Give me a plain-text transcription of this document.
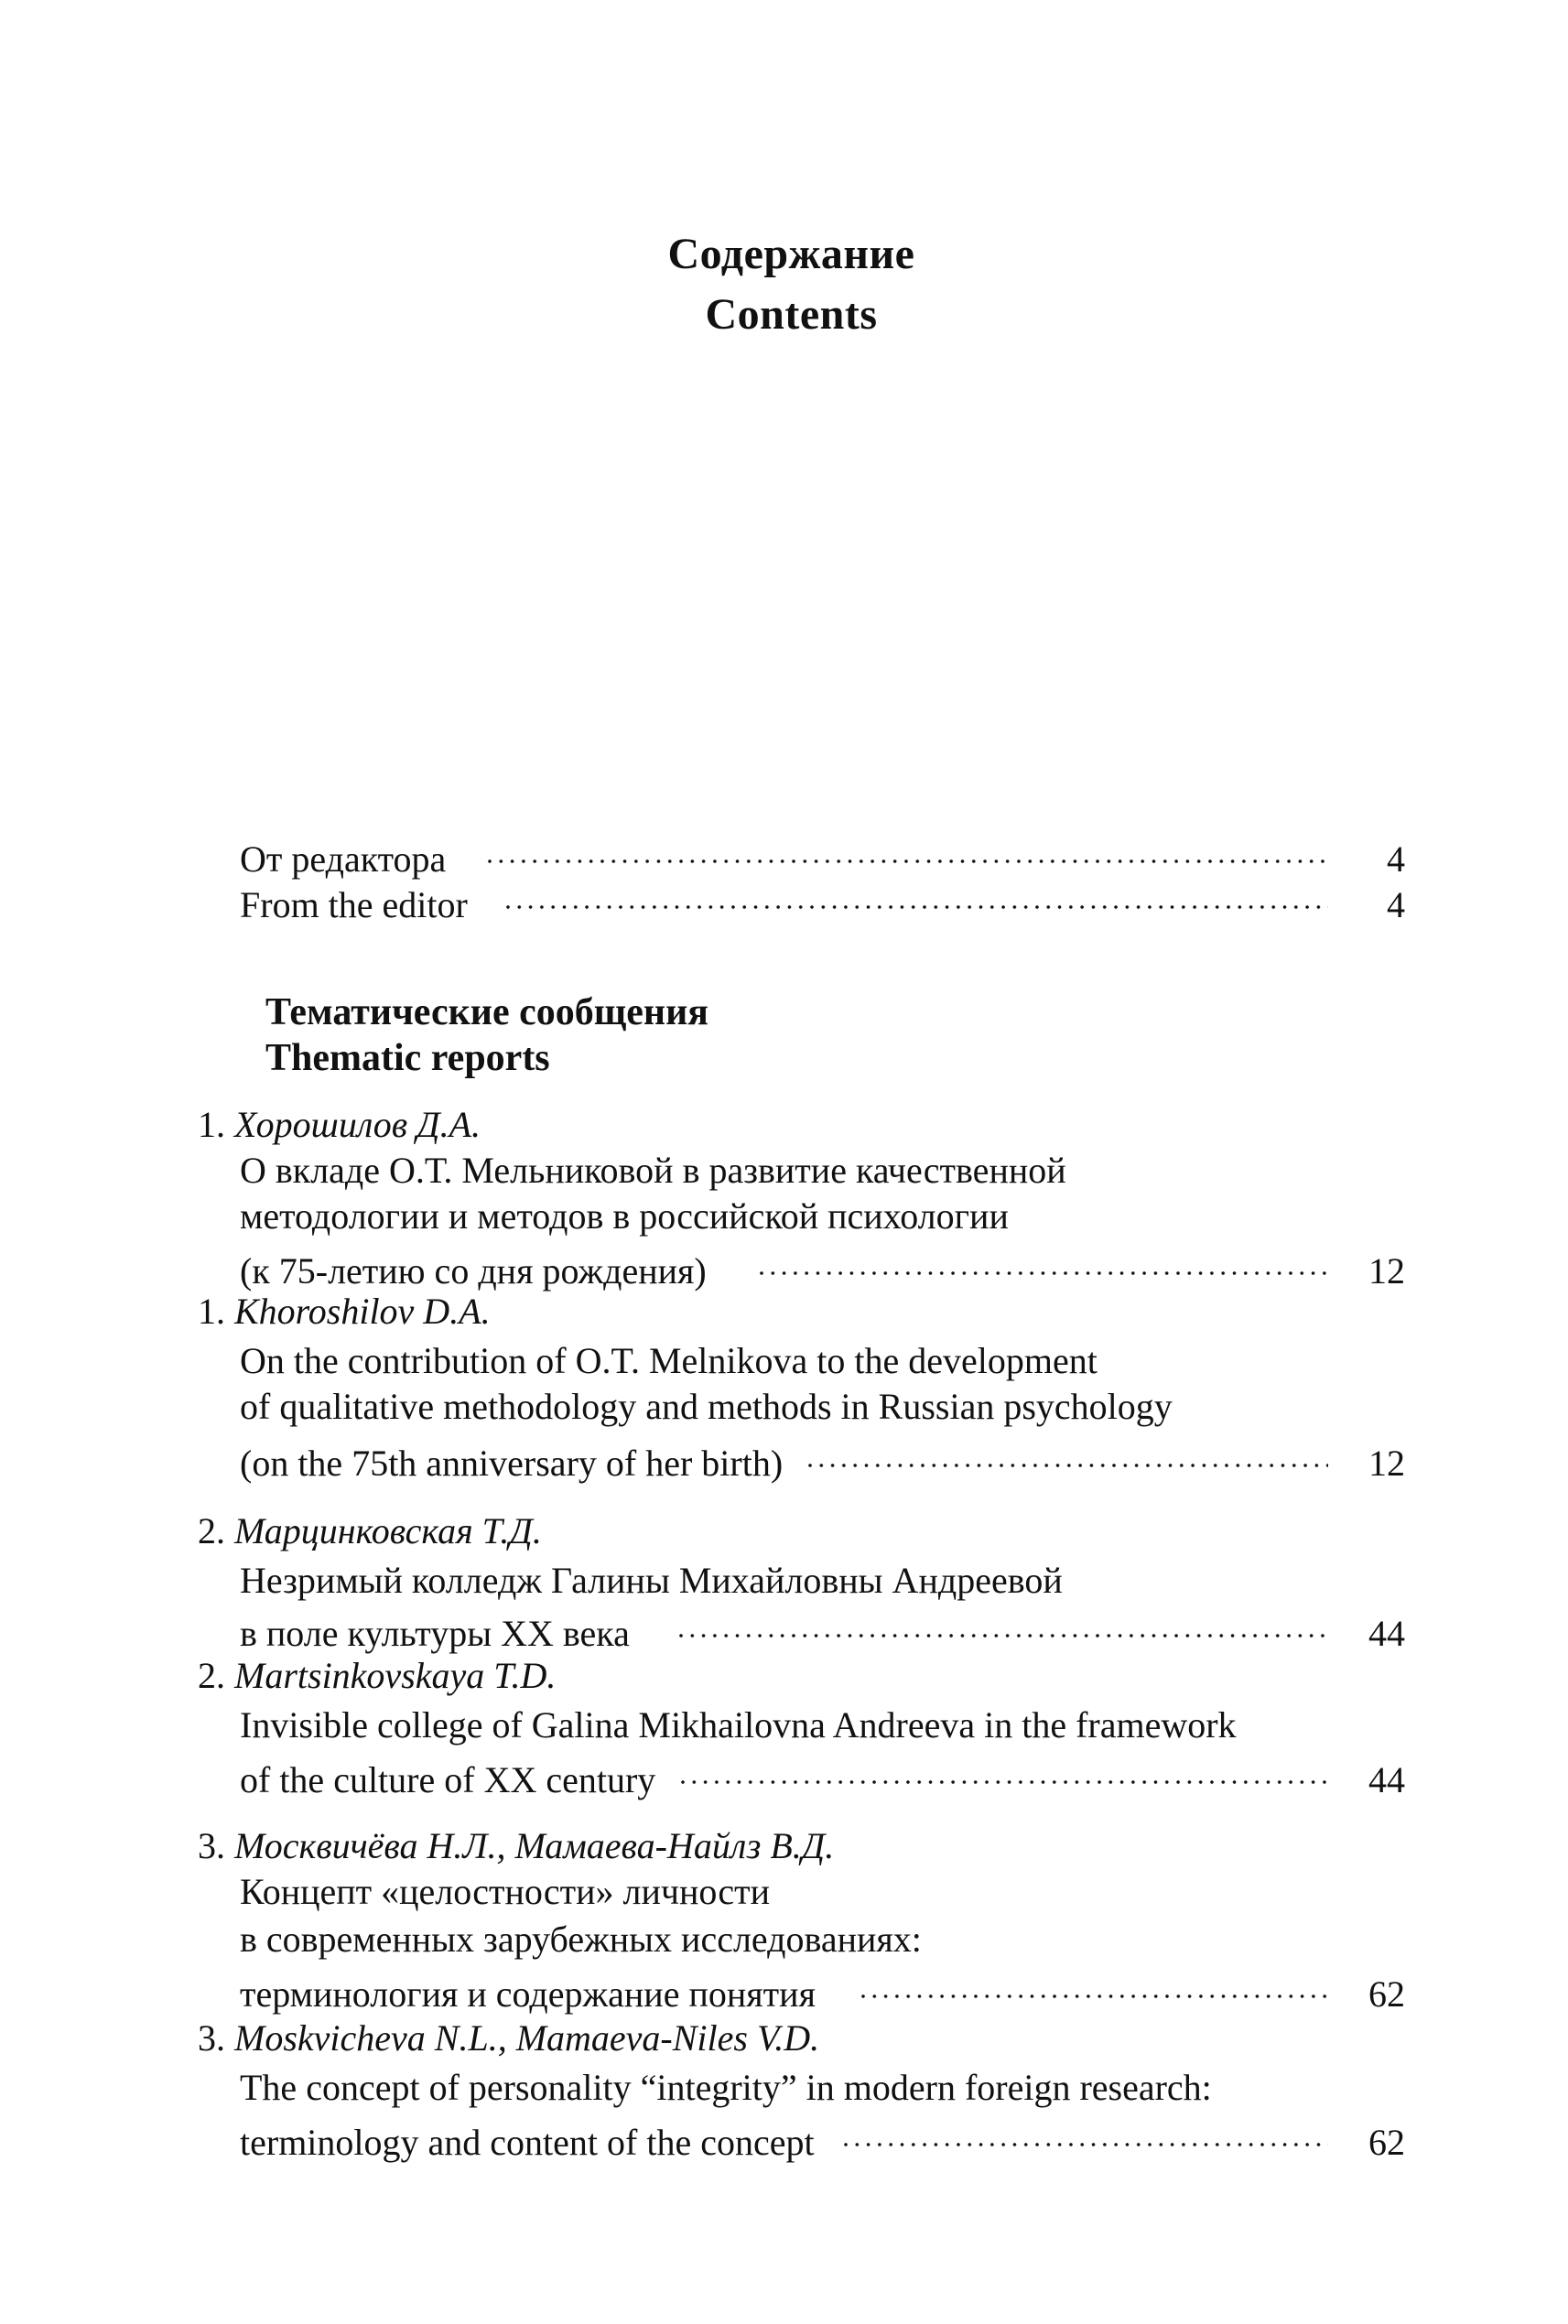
Содержание
Contents
От редактора	4
From the editor	4
Тематические сообщения
Thematic reports
1. Хорошилов Д.А.
О вкладе О.Т. Мельниковой в развитие качественной
методологии и методов в российской психологии
(к 75-летию со дня рождения)	12
1. Khoroshilov D.A.
On the contribution of O.T. Melnikova to the development
of qualitative methodology and methods in Russian psychology
(on the 75th anniversary of her birth)	12
2. Марцинковская Т.Д.
Незримый колледж Галины Михайловны Андреевой
в поле культуры XX века	44
2. Martsinkovskaya T.D.
Invisible college of Galina Mikhailovna Andreeva in the framework
of the culture of XX century	44
3. Москвичёва Н.Л., Мамаева-Найлз В.Д.
Концепт «целостности» личности
в современных зарубежных исследованиях:
терминология и содержание понятия	62
3. Moskvicheva N.L., Mamaeva-Niles V.D.
The concept of personality “integrity” in modern foreign research:
terminology and content of the concept	62
